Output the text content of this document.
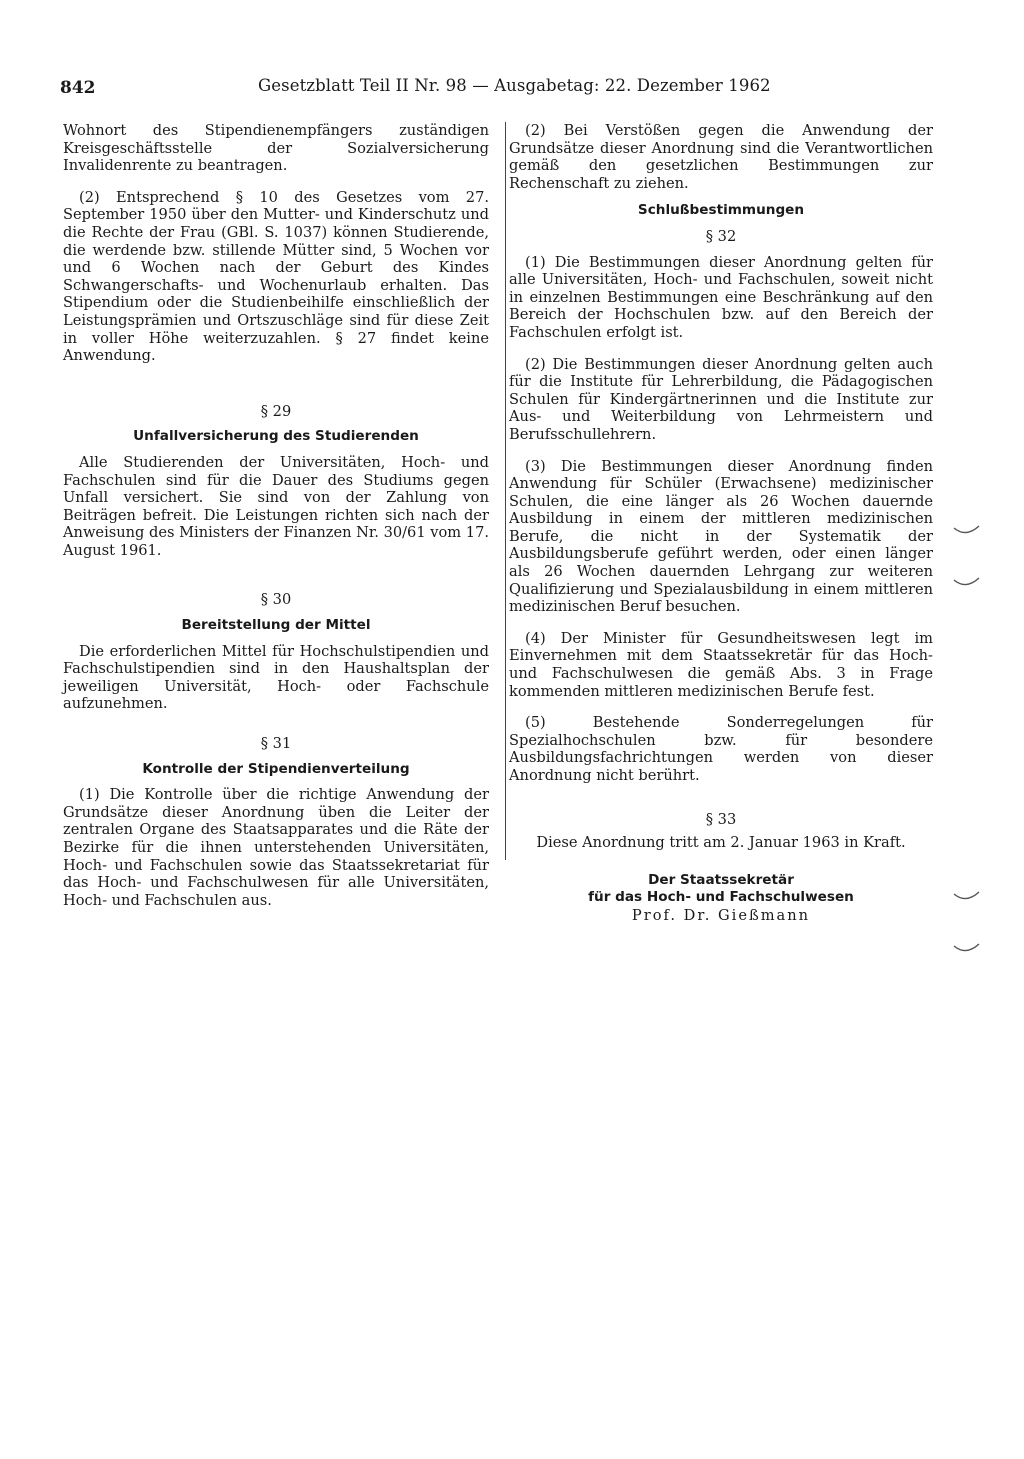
842	Gesetzblatt Teil II Nr. 98 — Ausgabetag: 22. Dezember 1962

Wohnort des Stipendienempfängers zuständigen Kreisgeschäftsstelle der Sozialversicherung Invalidenrente zu beantragen.

(2) Entsprechend § 10 des Gesetzes vom 27. September 1950 über den Mutter- und Kinderschutz und die Rechte der Frau (GBl. S. 1037) können Studierende, die werdende bzw. stillende Mütter sind, 5 Wochen vor und 6 Wochen nach der Geburt des Kindes Schwangerschafts- und Wochenurlaub erhalten. Das Stipendium oder die Studienbeihilfe einschließlich der Leistungsprämien und Ortszuschläge sind für diese Zeit in voller Höhe weiterzuzahlen. § 27 findet keine Anwendung.

§ 29
Unfallversicherung des Studierenden

Alle Studierenden der Universitäten, Hoch- und Fachschulen sind für die Dauer des Studiums gegen Unfall versichert. Sie sind von der Zahlung von Beiträgen befreit. Die Leistungen richten sich nach der Anweisung des Ministers der Finanzen Nr. 30/61 vom 17. August 1961.

§ 30
Bereitstellung der Mittel

Die erforderlichen Mittel für Hochschulstipendien und Fachschulstipendien sind in den Haushaltsplan der jeweiligen Universität, Hoch- oder Fachschule aufzunehmen.

§ 31
Kontrolle der Stipendienverteilung

(1) Die Kontrolle über die richtige Anwendung der Grundsätze dieser Anordnung üben die Leiter der zentralen Organe des Staatsapparates und die Räte der Bezirke für die ihnen unterstehenden Universitäten, Hoch- und Fachschulen sowie das Staatssekretariat für das Hoch- und Fachschulwesen für alle Universitäten, Hoch- und Fachschulen aus.

(2) Bei Verstößen gegen die Anwendung der Grundsätze dieser Anordnung sind die Verantwortlichen gemäß den gesetzlichen Bestimmungen zur Rechenschaft zu ziehen.

Schlußbestimmungen
§ 32

(1) Die Bestimmungen dieser Anordnung gelten für alle Universitäten, Hoch- und Fachschulen, soweit nicht in einzelnen Bestimmungen eine Beschränkung auf den Bereich der Hochschulen bzw. auf den Bereich der Fachschulen erfolgt ist.

(2) Die Bestimmungen dieser Anordnung gelten auch für die Institute für Lehrerbildung, die Pädagogischen Schulen für Kindergärtnerinnen und die Institute zur Aus- und Weiterbildung von Lehrmeistern und Berufsschullehrern.

(3) Die Bestimmungen dieser Anordnung finden Anwendung für Schüler (Erwachsene) medizinischer Schulen, die eine länger als 26 Wochen dauernde Ausbildung in einem der mittleren medizinischen Berufe, die nicht in der Systematik der Ausbildungsberufe geführt werden, oder einen länger als 26 Wochen dauernden Lehrgang zur weiteren Qualifizierung und Spezialausbildung in einem mittleren medizinischen Beruf besuchen.

(4) Der Minister für Gesundheitswesen legt im Einvernehmen mit dem Staatssekretär für das Hoch- und Fachschulwesen die gemäß Abs. 3 in Frage kommenden mittleren medizinischen Berufe fest.

(5) Bestehende Sonderregelungen für Spezialhochschulen bzw. für besondere Ausbildungsfachrichtungen werden von dieser Anordnung nicht berührt.

§ 33

Diese Anordnung tritt am 2. Januar 1963 in Kraft.

Der Staatssekretär
für das Hoch- und Fachschulwesen
Prof. Dr. Gießmann
